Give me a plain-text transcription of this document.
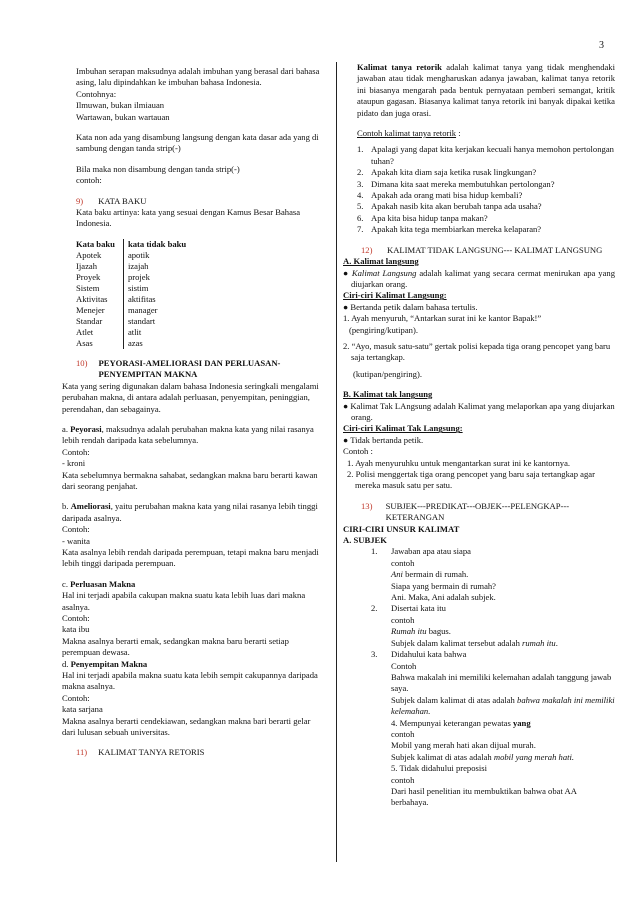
3
Imbuhan serapan maksudnya adalah imbuhan yang berasal dari bahasa asing, lalu dipindahkan ke imbuhan bahasa Indonesia.
Contohnya:
Ilmuwan, bukan ilmiauan
Wartawan, bukan wartauan
Kata non ada yang disambung langsung dengan kata dasar ada yang di sambung dengan tanda strip(-)
Bila maka non disambung dengan tanda strip(-)
contoh:
9) KATA BAKU
Kata baku artinya: kata yang sesuai dengan Kamus Besar Bahasa Indonesia.
Kata baku	kata tidak baku
Apotek	apotik
Ijazah	izajah
Proyek	projek
Sistem	sistim
Aktivitas	aktifitas
Menejer	manager
Standar	standart
Atlet	atlit
Asas	azas
10)	PEYORASI-AMELIORASI DAN PERLUASAN-PENYEMPITAN MAKNA
Kata yang sering digunakan dalam bahasa Indonesia seringkali mengalami
perubahan makna, di antara adalah perluasan, penyempitan, peninggian,
perendahan, dan sebagainya.
a. Peyorasi, maksudnya adalah perubahan makna kata yang nilai rasanya
lebih rendah daripada kata sebelumnya.
Contoh:
- kroni
Kata sebelumnya bermakna sahabat, sedangkan makna baru berarti kawan
dari seorang penjahat.
b. Ameliorasi, yaitu perubahan makna kata yang nilai rasanya lebih tinggi
daripada asalnya.
Contoh:
- wanita
Kata asalnya lebih rendah daripada perempuan, tetapi makna baru menjadi
lebih tinggi daripada perempuan.
c. Perluasan Makna
Hal ini terjadi apabila cakupan makna suatu kata lebih luas dari makna
asalnya.
Contoh:
kata ibu
Makna asalnya berarti emak, sedangkan makna baru berarti setiap
perempuan dewasa.
d. Penyempitan Makna
Hal ini terjadi apabila makna suatu kata lebih sempit cakupannya daripada
makna asalnya.
Contoh:
kata sarjana
Makna asalnya berarti cendekiawan, sedangkan makna bari berarti gelar
dari lulusan sebuah universitas.
11) KALIMAT TANYA RETORIS
Kalimat tanya retorik adalah kalimat tanya yang tidak menghendaki jawaban atau tidak mengharuskan adanya jawaban, kalimat tanya retorik ini biasanya mengarah pada bentuk pernyataan pemberi semangat, kritik ataupun gagasan. Biasanya kalimat tanya retorik ini banyak dipakai ketika pidato dan juga orasi.
Contoh kalimat tanya retorik :
1. Apalagi yang dapat kita kerjakan kecuali hanya memohon pertolongan tuhan?
2. Apakah kita diam saja ketika rusak lingkungan?
3. Dimana kita saat mereka membutuhkan pertolongan?
4. Apakah ada orang mati bisa hidup kembali?
5. Apakah nasib kita akan berubah tanpa ada usaha?
6. Apa kita bisa hidup tanpa makan?
7. Apakah kita tega membiarkan mereka kelaparan?
12)	KALIMAT TIDAK LANGSUNG--- KALIMAT LANGSUNG
A. Kalimat langsung
● Kalimat Langsung adalah kalimat yang secara cermat menirukan apa yang diujarkan orang.
Ciri-ciri Kalimat Langsung:
● Bertanda petik dalam bahasa tertulis.
1. Ayah menyuruh, “Antarkan surat ini ke kantor Bapak!”
(pengiring/kutipan).
2. “Ayo, masuk satu-satu” gertak polisi kepada tiga orang pencopet yang baru saja tertangkap.
(kutipan/pengiring).
B. Kalimat tak langsung
● Kalimat Tak LAngsung adalah Kalimat yang melaporkan apa yang diujarkan orang.
Ciri-ciri Kalimat Tak Langsung:
● Tidak bertanda petik.
Contoh :
1. Ayah menyuruhku untuk mengantarkan surat ini ke kantornya.
2. Polisi menggertak tiga orang pencopet yang baru saja tertangkap agar mereka masuk satu per satu.
13)	SUBJEK---PREDIKAT---OBJEK---PELENGKAP---KETERANGAN
CIRI-CIRI UNSUR KALIMAT
A. SUBJEK
1.	Jawaban apa atau siapa
contoh
Ani bermain di rumah.
Siapa yang bermain di rumah?
Ani. Maka, Ani adalah subjek.
2.	Disertai kata itu
contoh
Rumah itu bagus.
Subjek dalam kalimat tersebut adalah rumah itu.
3.	Didahului kata bahwa
Contoh
Bahwa makalah ini memiliki kelemahan adalah tanggung jawab saya.
Subjek dalam kalimat di atas adalah bahwa makalah ini memiliki kelemahan.
4. Mempunyai keterangan pewatas yang
contoh
Mobil yang merah hati akan dijual murah.
Subjek kalimat di atas adalah mobil yang merah hati.
5. Tidak didahului preposisi
contoh
Dari hasil penelitian itu membuktikan bahwa obat AA berbahaya.
